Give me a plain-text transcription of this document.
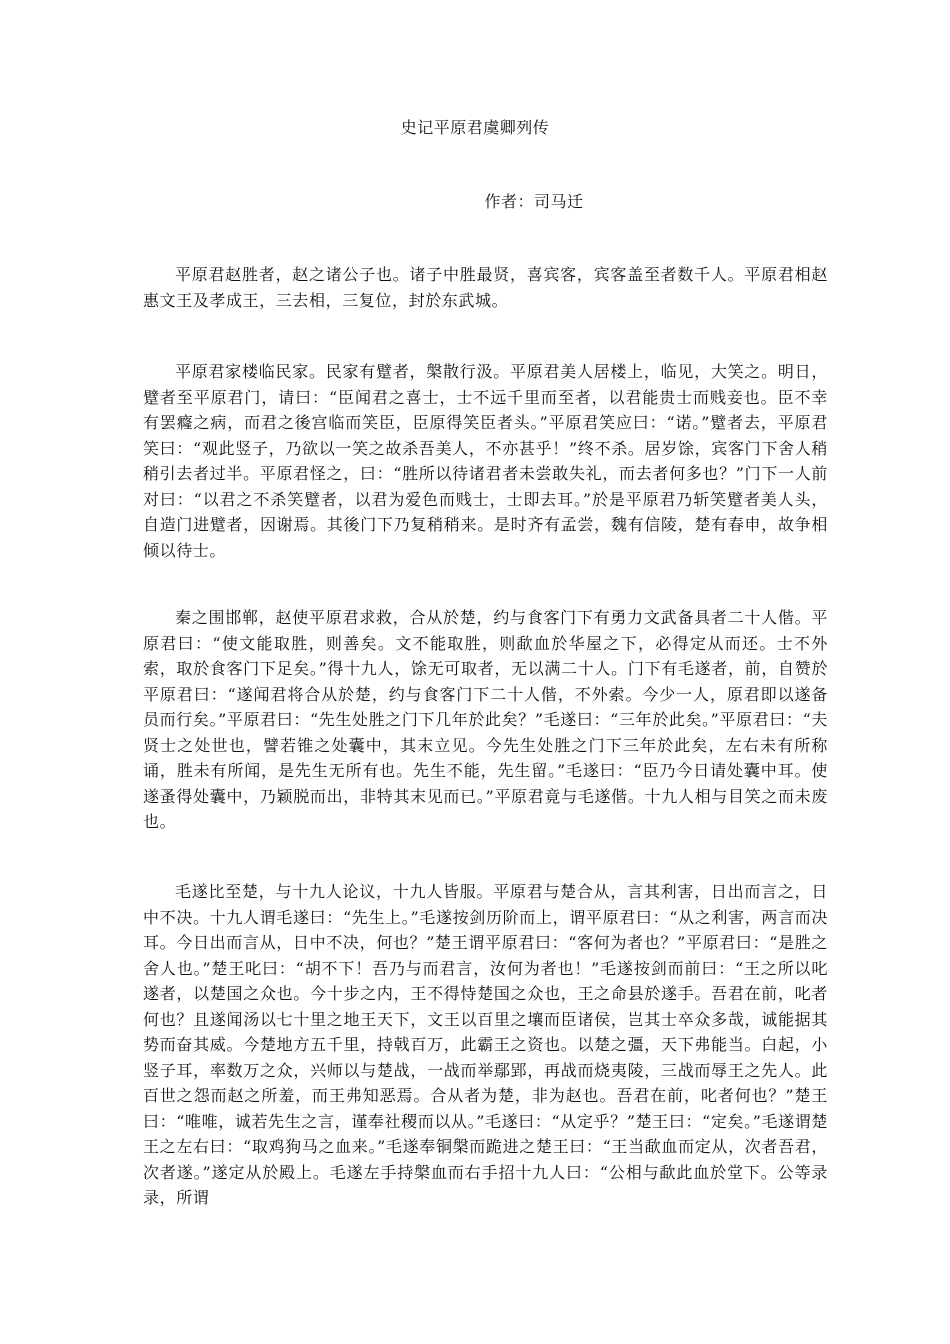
史记平原君虞卿列传
作者：司马迁

平原君赵胜者，赵之诸公子也。诸子中胜最贤，喜宾客，宾客盖至者数千人。平原君相赵惠文王及孝成王，三去相，三复位，封於东武城。

平原君家楼临民家。民家有躄者，槃散行汲。平原君美人居楼上，临见，大笑之。明日，躄者至平原君门，请曰：“臣闻君之喜士，士不远千里而至者，以君能贵士而贱妾也。臣不幸有罢癃之病，而君之後宫临而笑臣，臣原得笑臣者头。”平原君笑应曰：“诺。”躄者去，平原君笑曰：“观此竖子，乃欲以一笑之故杀吾美人，不亦甚乎！”终不杀。居岁馀，宾客门下舍人稍稍引去者过半。平原君怪之，曰：“胜所以待诸君者未尝敢失礼，而去者何多也？”门下一人前对曰：“以君之不杀笑躄者，以君为爱色而贱士，士即去耳。”於是平原君乃斩笑躄者美人头，自造门进躄者，因谢焉。其後门下乃复稍稍来。是时齐有孟尝，魏有信陵，楚有春申，故争相倾以待士。

秦之围邯郸，赵使平原君求救，合从於楚，约与食客门下有勇力文武备具者二十人偕。平原君曰：“使文能取胜，则善矣。文不能取胜，则歃血於华屋之下，必得定从而还。士不外索，取於食客门下足矣。”得十九人，馀无可取者，无以满二十人。门下有毛遂者，前，自赞於平原君曰：“遂闻君将合从於楚，约与食客门下二十人偕，不外索。今少一人，原君即以遂备员而行矣。”平原君曰：“先生处胜之门下几年於此矣？”毛遂曰：“三年於此矣。”平原君曰：“夫贤士之处世也，譬若锥之处囊中，其末立见。今先生处胜之门下三年於此矣，左右未有所称诵，胜未有所闻，是先生无所有也。先生不能，先生留。”毛遂曰：“臣乃今日请处囊中耳。使遂蚤得处囊中，乃颖脱而出，非特其末见而已。”平原君竟与毛遂偕。十九人相与目笑之而未废也。

毛遂比至楚，与十九人论议，十九人皆服。平原君与楚合从，言其利害，日出而言之，日中不决。十九人谓毛遂曰：“先生上。”毛遂按剑历阶而上，谓平原君曰：“从之利害，两言而决耳。今日出而言从，日中不决，何也？”楚王谓平原君曰：“客何为者也？”平原君曰：“是胜之舍人也。”楚王叱曰：“胡不下！吾乃与而君言，汝何为者也！”毛遂按剑而前曰：“王之所以叱遂者，以楚国之众也。今十步之内，王不得恃楚国之众也，王之命县於遂手。吾君在前，叱者何也？且遂闻汤以七十里之地王天下，文王以百里之壤而臣诸侯，岂其士卒众多哉，诚能据其势而奋其威。今楚地方五千里，持戟百万，此霸王之资也。以楚之彊，天下弗能当。白起，小竖子耳，率数万之众，兴师以与楚战，一战而举鄢郢，再战而烧夷陵，三战而辱王之先人。此百世之怨而赵之所羞，而王弗知恶焉。合从者为楚，非为赵也。吾君在前，叱者何也？”楚王曰：“唯唯，诚若先生之言，谨奉社稷而以从。”毛遂曰：“从定乎？”楚王曰：“定矣。”毛遂谓楚王之左右曰：“取鸡狗马之血来。”毛遂奉铜槃而跪进之楚王曰：“王当歃血而定从，次者吾君，次者遂。”遂定从於殿上。毛遂左手持槃血而右手招十九人曰：“公相与歃此血於堂下。公等录录，所谓
